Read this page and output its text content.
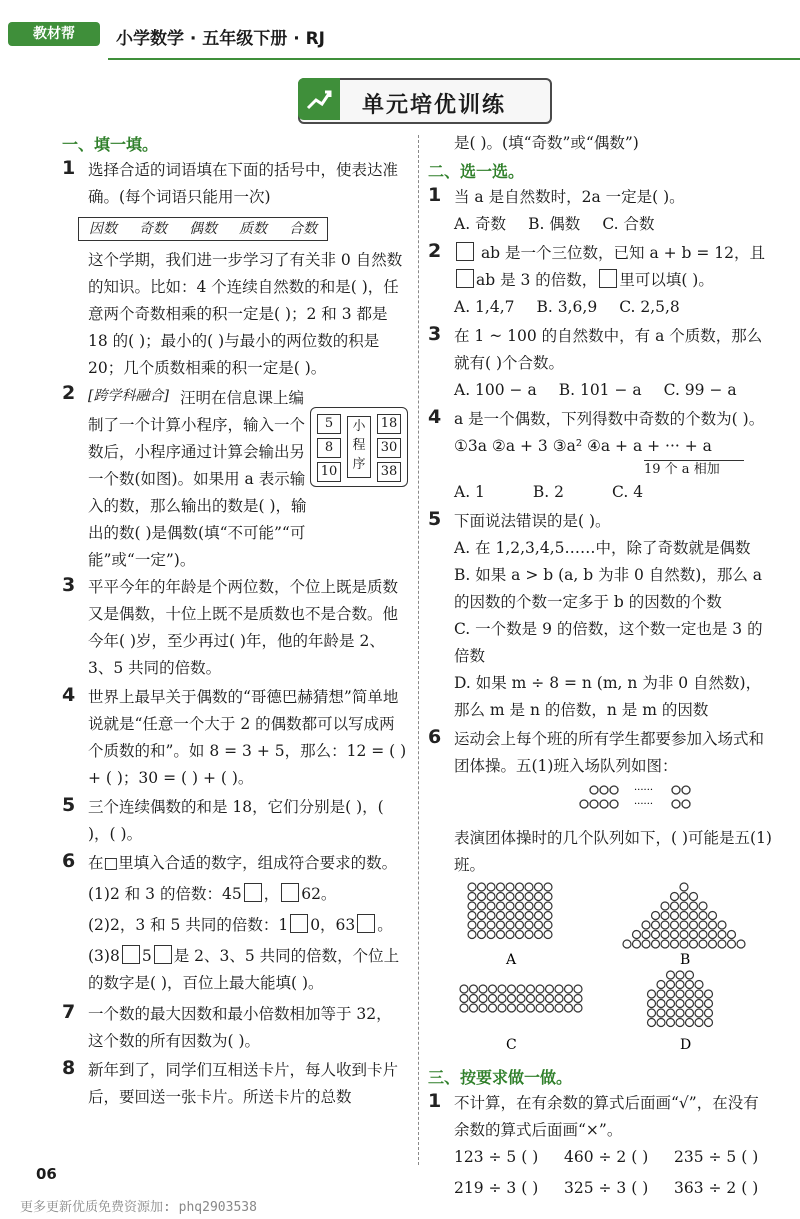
教材帮	小学数学 · 五年级下册 · RJ
单元培优训练
一、填一填。
1 选择合适的词语填在下面的括号中，使表达准确。(每个词语只能用一次)

因数 奇数 偶数 质数 合数

这个学期，我们进一步学习了有关非 0 自然数的知识。比如：4 个连续自然数的和是( )，任意两个奇数相乘的积一定是( )；2 和 3 都是 18 的( )；最小的( )与最小的两位数的积是 20；几个质数相乘的积一定是( )。

2 [跨学科融合] 汪明在信息课上编制了一个计算小程序，输入一个数后，小程序通过计算会输出另一个数(如图)。如果用 a 表示输入的数，那么输出的数是( )，输出的数( )是偶数(填“不可能”“可能”或“一定”)。

3 平平今年的年龄是个两位数，个位上既是质数又是偶数，十位上既不是质数也不是合数。他今年( )岁，至少再过( )年，他的年龄是 2、3、5 共同的倍数。

4 世界上最早关于偶数的“哥德巴赫猜想”简单地说就是“任意一个大于 2 的偶数都可以写成两个质数的和”。如 8 = 3 + 5，那么：12 = ( ) + ( )；30 = ( ) + ( )。

5 三个连续偶数的和是 18，它们分别是( )，( )，( )。

6 在□里填入合适的数字，组成符合要求的数。

(1)2 和 3 的倍数：45 ， 62。

(2)2，3 和 5 共同的倍数：1 0，63 。

(3)8 5 是 2、3、5 共同的倍数，个位上的数字是( )，百位上最大能填( )。

7 一个数的最大因数和最小倍数相加等于 32，这个数的所有因数为( )。

8 新年到了，同学们互相送卡片，每人收到卡片后，要回送一张卡片。所送卡片的总数

5
8
10
小程序
18
30
38

是( )。(填“奇数”或“偶数”)

二、选一选。
1 当 a 是自然数时，2a 一定是( )。

A. 奇数 B. 偶数 C. 合数
2	ab 是一个三位数，已知 a + b = 12，且

ab 是 3 的倍数， 里可以填( )。

A. 1,4,7 B. 3,6,9 C. 2,5,8
3 在 1 ~ 100 的自然数中，有 a 个质数，那么就有( )个合数。

A. 100 − a B. 101 − a C. 99 − a
4 a 是一个偶数，下列得数中奇数的个数为( )。

①3a ②a + 3 ③a² ④a + a + ··· + a

19 个 a 相加

A. 1	B. 2	C. 4
5 下面说法错误的是( )。

A. 在 1,2,3,4,5……中，除了奇数就是偶数

B. 如果 a > b (a, b 为非 0 自然数)，那么 a 的因数的个数一定多于 b 的因数的个数

C. 一个数是 9 的倍数，这个数一定也是 3 的倍数

D. 如果 m ÷ 8 = n (m, n 为非 0 自然数)，那么 m 是 n 的倍数，n 是 m 的因数

6 运动会上每个班的所有学生都要参加入场式和团体操。五(1)班入场队列如图：

······
······

表演团体操时的几个队列如下，( )可能是五(1)班。

A	B
C	D
三、按要求做一做。
1 不计算，在有余数的算式后面画“√”，在没有余数的算式后面画“×”。

123 ÷ 5 ( )	460 ÷ 2 ( )	235 ÷ 5 ( )
219 ÷ 3 ( )	325 ÷ 3 ( )	363 ÷ 2 ( )
06
更多更新优质免费资源加: phq2903538
